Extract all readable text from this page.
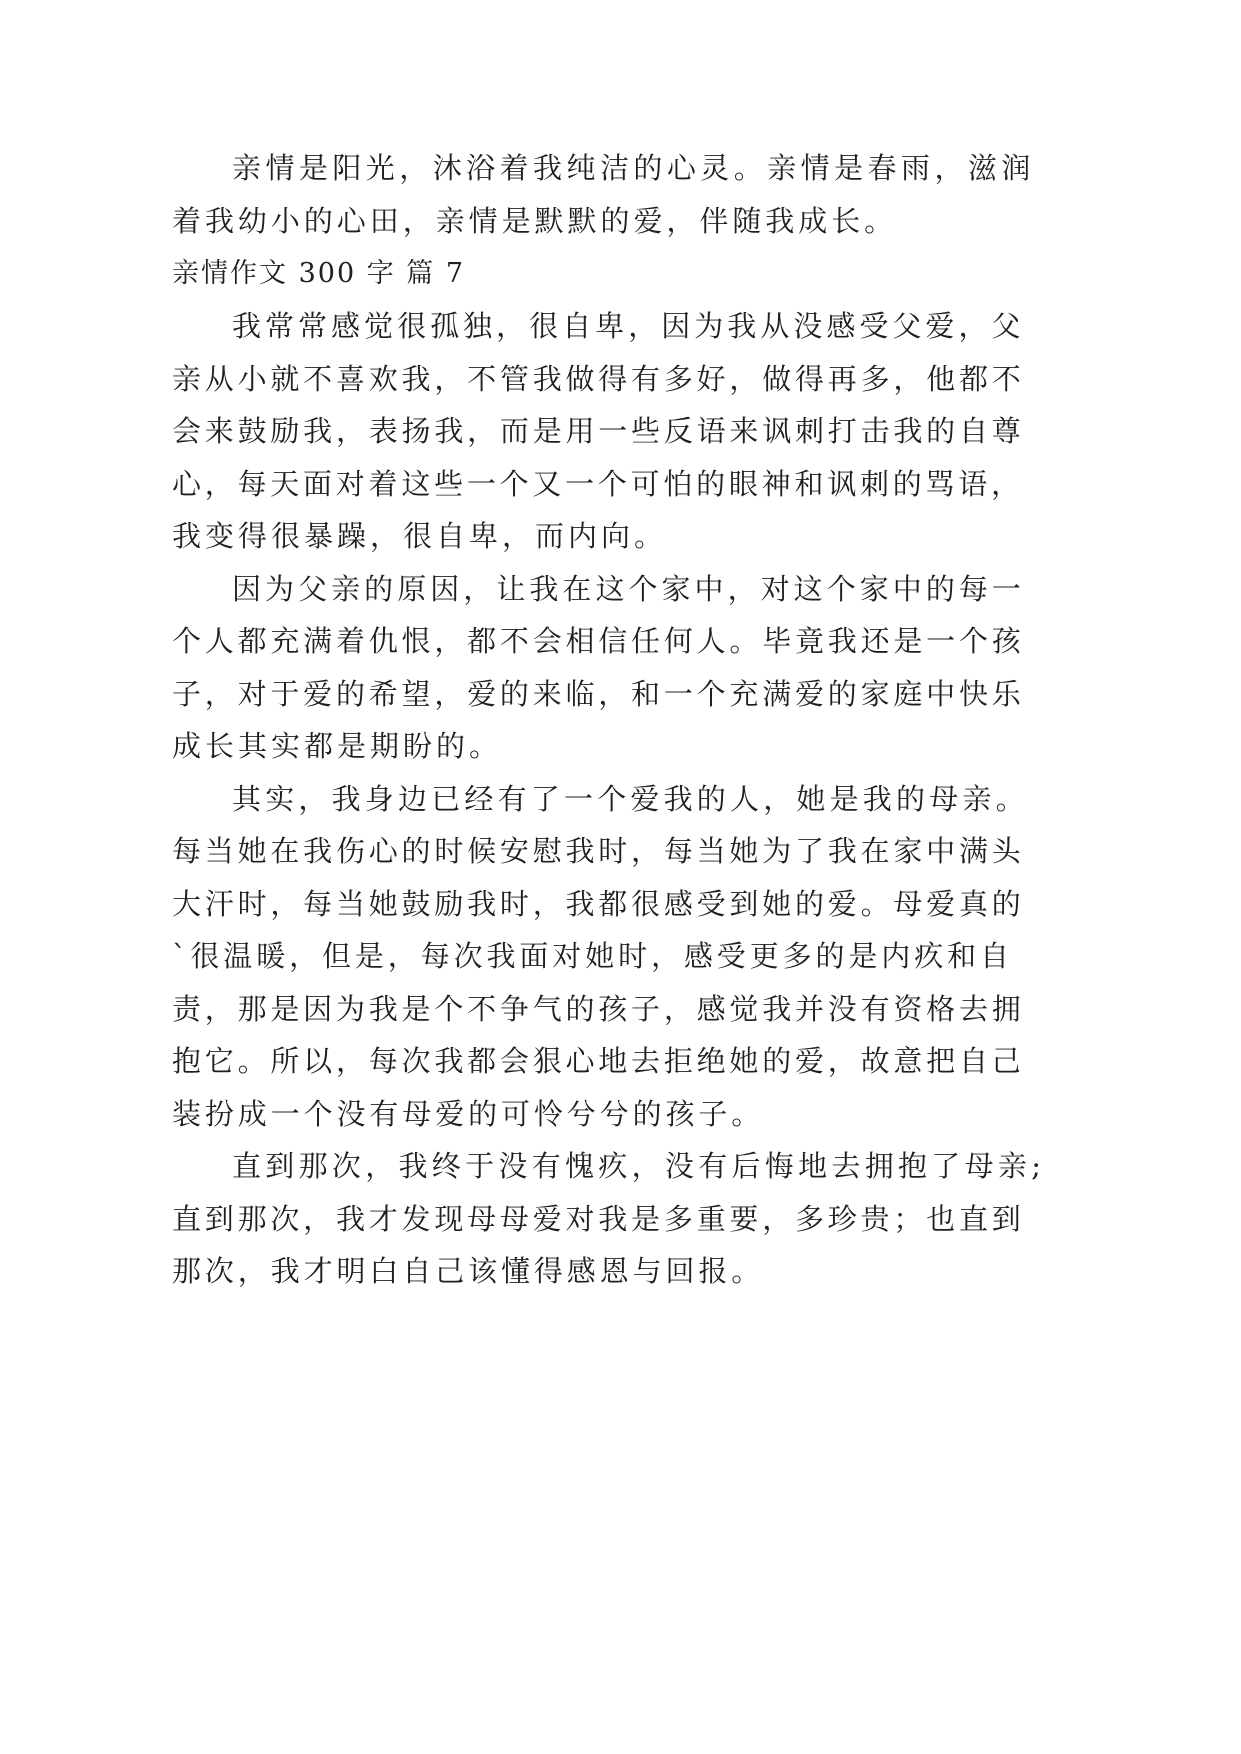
亲情是阳光，沐浴着我纯洁的心灵。亲情是春雨，滋润

着我幼小的心田，亲情是默默的爱，伴随我成长。

亲情作文 300 字 篇 7

我常常感觉很孤独，很自卑，因为我从没感受父爱，父

亲从小就不喜欢我，不管我做得有多好，做得再多，他都不

会来鼓励我，表扬我，而是用一些反语来讽刺打击我的自尊

心，每天面对着这些一个又一个可怕的眼神和讽刺的骂语，

我变得很暴躁，很自卑，而内向。

因为父亲的原因，让我在这个家中，对这个家中的每一

个人都充满着仇恨，都不会相信任何人。毕竟我还是一个孩

子，对于爱的希望，爱的来临，和一个充满爱的家庭中快乐

成长其实都是期盼的。

其实，我身边已经有了一个爱我的人，她是我的母亲。

每当她在我伤心的时候安慰我时，每当她为了我在家中满头

大汗时，每当她鼓励我时，我都很感受到她的爱。母爱真的

`很温暖，但是，每次我面对她时，感受更多的是内疚和自

责，那是因为我是个不争气的孩子，感觉我并没有资格去拥

抱它。所以，每次我都会狠心地去拒绝她的爱，故意把自己

装扮成一个没有母爱的可怜兮兮的孩子。

直到那次，我终于没有愧疚，没有后悔地去拥抱了母亲;

直到那次，我才发现母母爱对我是多重要，多珍贵；也直到

那次，我才明白自己该懂得感恩与回报。
